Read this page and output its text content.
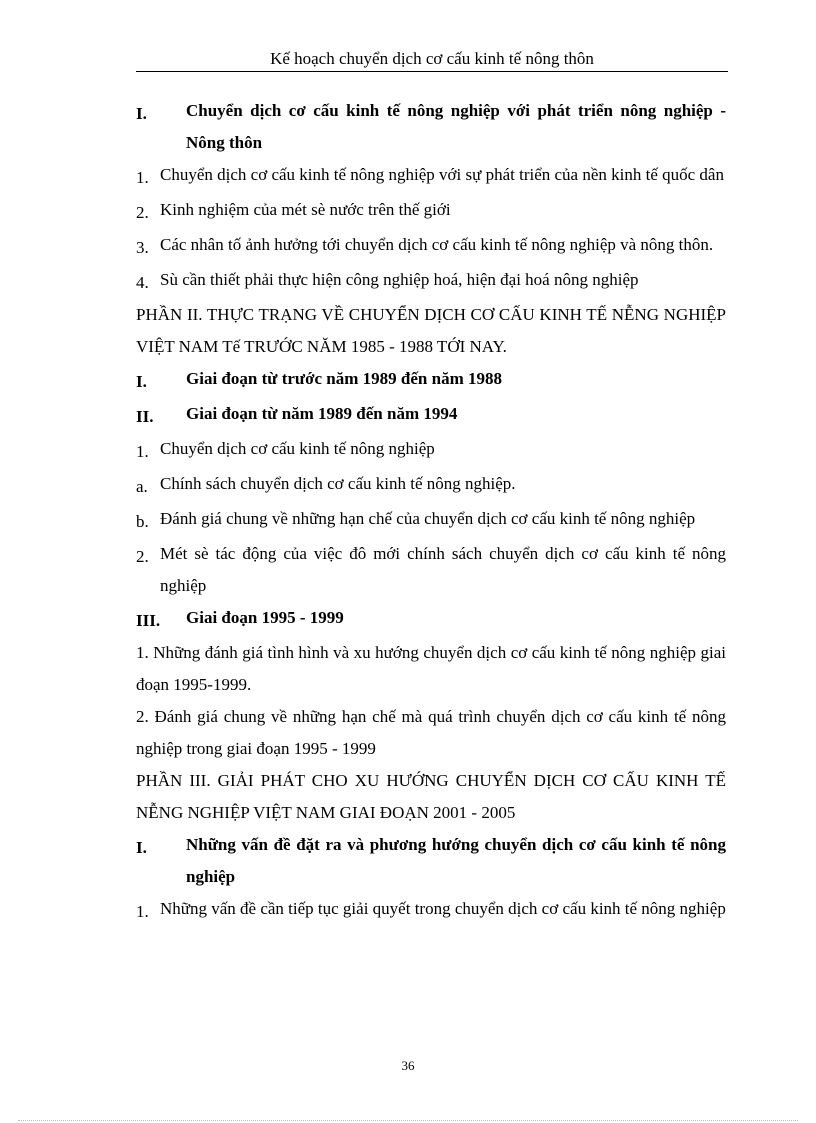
Kế hoạch chuyển dịch cơ cấu kinh tế nông thôn
I.	Chuyển dịch cơ cấu kinh tế nông nghiệp với phát triển nông nghiệp - Nông thôn
1. Chuyển dịch cơ cấu kinh tế nông nghiệp với sự phát triển của nền kinh tế quốc dân
2. Kinh nghiệm của mét sè nước trên thế giới
3. Các nhân tố ảnh hưởng tới chuyển dịch cơ cấu kinh tế nông nghiệp và nông thôn.
4. Sù cần thiết phải thực hiện công nghiệp hoá, hiện đại hoá nông nghiệp
PHẦN II. THỰC TRẠNG VỀ CHUYỂN DỊCH CƠ CẤU KINH TẾ NỄNG NGHIỆP VIỆT NAM Tế TRƯỚC NĂM 1985 - 1988 TỚI NAY.
I.	Giai đoạn từ trước năm 1989 đến năm 1988
II.	Giai đoạn từ năm 1989 đến năm 1994
1. Chuyển dịch cơ cấu kinh tế nông nghiệp
a. Chính sách chuyển dịch cơ cấu kinh tế nông nghiệp.
b. Đánh giá chung về những hạn chế của chuyển dịch cơ cấu kinh tế nông nghiệp
2. Mét sè tác động của việc đô mới chính sách chuyển dịch cơ cấu kinh tế nông nghiệp
III.	Giai đoạn 1995 - 1999
1. Những đánh giá tình hình và xu hướng chuyển dịch cơ cấu kinh tế nông nghiệp giai đoạn 1995-1999.
2. Đánh giá chung về những hạn chế mà quá trình chuyển dịch cơ cấu kinh tế nông nghiệp trong giai đoạn 1995 - 1999
PHẦN III. GIẢI PHÁT CHO XU HƯỚNG CHUYỂN DỊCH CƠ CẤU KINH TẾ NỄNG NGHIỆP VIỆT NAM GIAI ĐOẠN 2001 - 2005
I.	Những vấn đề đặt ra và phương hướng chuyển dịch cơ cấu kinh tế nông nghiệp
1. Những vấn đề cần tiếp tục giải quyết trong chuyển dịch cơ cấu kinh tế nông nghiệp
36
